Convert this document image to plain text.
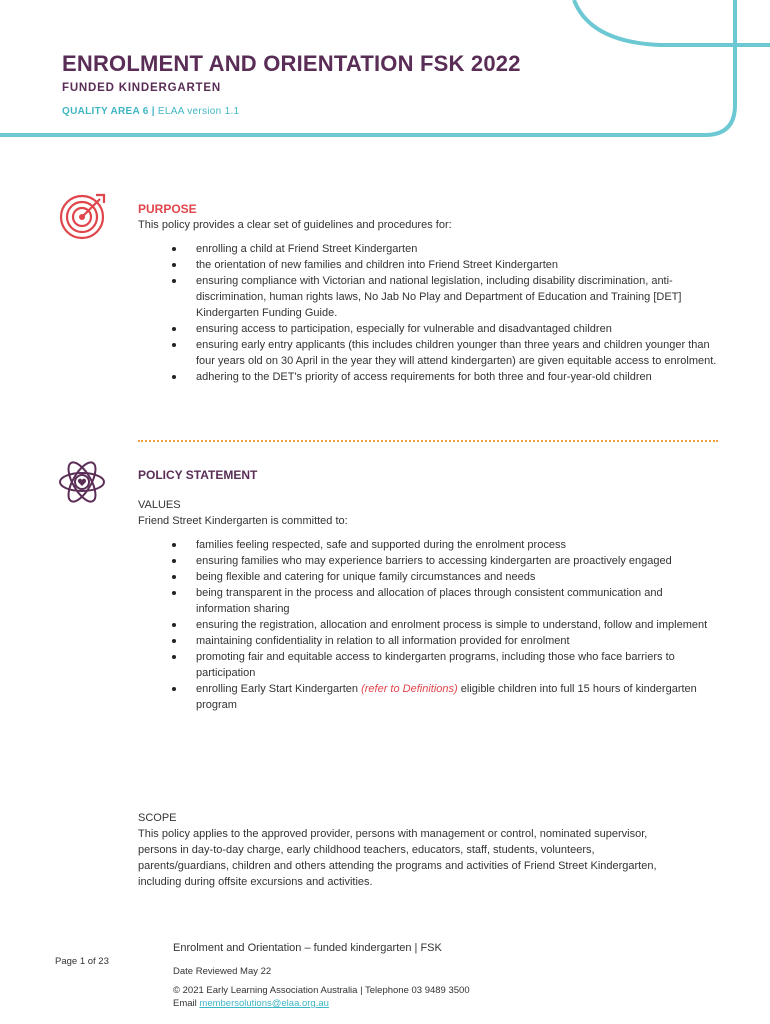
ENROLMENT AND ORIENTATION FSK 2022
FUNDED KINDERGARTEN
QUALITY AREA 6 | ELAA version 1.1
PURPOSE

This policy provides a clear set of guidelines and procedures for:

enrolling a child at Friend Street Kindergarten
the orientation of new families and children into Friend Street Kindergarten
ensuring compliance with Victorian and national legislation, including disability discrimination, anti-discrimination, human rights laws, No Jab No Play and Department of Education and Training [DET] Kindergarten Funding Guide.
ensuring access to participation, especially for vulnerable and disadvantaged children
ensuring early entry applicants (this includes children younger than three years and children younger than four years old on 30 April in the year they will attend kindergarten) are given equitable access to enrolment.
adhering to the DET's priority of access requirements for both three and four-year-old children
POLICY STATEMENT

VALUES

Friend Street Kindergarten is committed to:

families feeling respected, safe and supported during the enrolment process
ensuring families who may experience barriers to accessing kindergarten are proactively engaged
being flexible and catering for unique family circumstances and needs
being transparent in the process and allocation of places through consistent communication and information sharing
ensuring the registration, allocation and enrolment process is simple to understand, follow and implement
maintaining confidentiality in relation to all information provided for enrolment
promoting fair and equitable access to kindergarten programs, including those who face barriers to participation
enrolling Early Start Kindergarten (refer to Definitions) eligible children into full 15 hours of kindergarten program

SCOPE

This policy applies to the approved provider, persons with management or control, nominated supervisor, persons in day-to-day charge, early childhood teachers, educators, staff, students, volunteers, parents/guardians, children and others attending the programs and activities of Friend Street Kindergarten, including during offsite excursions and activities.

Page 1 of 23
Enrolment and Orientation – funded kindergarten | FSK
Date Reviewed May 22
© 2021 Early Learning Association Australia | Telephone 03 9489 3500
Email membersolutions@elaa.org.au
